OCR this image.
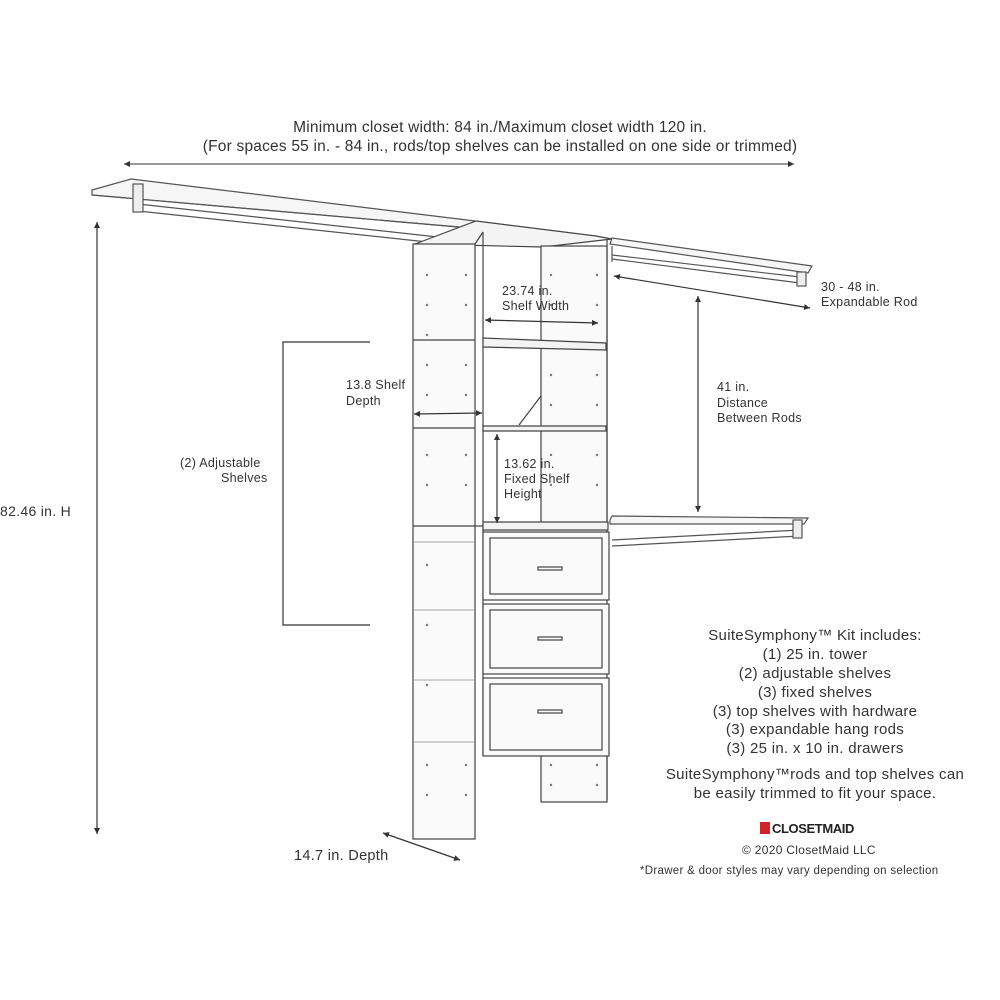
Minimum closet width: 84 in./Maximum closet width 120 in.

(For spaces 55 in. - 84 in., rods/top shelves can be installed on one side or trimmed)

82.46 in. H

14.7 in. Depth

23.74 in.

Shelf Width

13.8 Shelf

Depth

13.62 in.

Fixed Shelf

Height

30 - 48 in.

Expandable Rod

41 in.

Distance

Between Rods

(2) Adjustable

Shelves

SuiteSymphony™ Kit includes:

(1) 25 in. tower

(2) adjustable shelves

(3) fixed shelves

(3) top shelves with hardware

(3) expandable hang rods

(3) 25 in. x 10 in. drawers

SuiteSymphony™rods and top shelves can

be easily trimmed to fit your space.

CLOSETMAID

© 2020 ClosetMaid LLC

*Drawer & door styles may vary depending on selection
